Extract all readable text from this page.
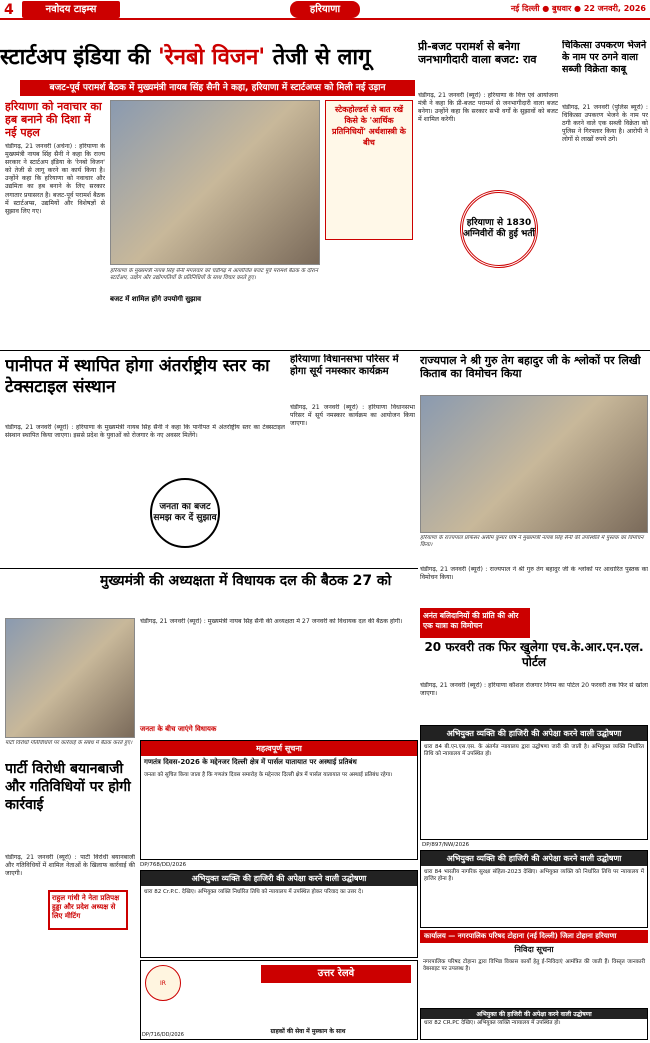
4	नवोदय टाइम्स	हरियाणा	नई दिल्ली ● बुधवार ● 22 जनवरी, 2026
स्टार्टअप इंडिया की 'रेनबो विजन' तेजी से लागू
बजट-पूर्व परामर्श बैठक में मुख्यमंत्री नायब सिंह सैनी ने कहा, हरियाणा में स्टार्टअप्स को मिली नई उड़ान
हरियाणा को नवाचार का हब बनाने की दिशा में नई पहल
चंडीगढ़, 21 जनवरी (अर्चना) : हरियाणा के मुख्यमंत्री नायब सिंह सैनी ने कहा कि राज्य सरकार ने स्टार्टअप इंडिया के 'रेनबो विजन' को तेजी से लागू करने का कार्य किया है। उन्होंने कहा कि हरियाणा को नवाचार और उद्यमिता का हब बनाने के लिए सरकार लगातार प्रयासरत है। बजट-पूर्व परामर्श बैठक में स्टार्टअप्स, उद्यमियों और विशेषज्ञों से सुझाव लिए गए।
हरियाणा के मुख्यमंत्री नायब सिंह सैनी मंगलवार को चंडीगढ़ में आयोजित बजट पूर्व परामर्श बैठक के दौरान स्टार्टअप, उद्योग और उद्योगपतियों के प्रतिनिधियों के साथ विचार करते हुए।
स्टेकहोल्डर्स से बात रखें किसे के 'आर्थिक प्रतिनिधियों' अर्थशास्त्री के बीच
बजट में शामिल होंगे उपयोगी सुझाव
प्री-बजट परामर्श से बनेगा जनभागीदारी वाला बजट: राव
चंडीगढ़, 21 जनवरी (ब्यूरो) : हरियाणा के वित्त एवं आयोजना मंत्री ने कहा कि प्री-बजट परामर्श से जनभागीदारी वाला बजट बनेगा। उन्होंने कहा कि सरकार सभी वर्गों के सुझावों को बजट में शामिल करेगी।
हरियाणा से 1830 अग्निवीरों की हुई भर्ती
चिकित्सा उपकरण भेजने के नाम पर ठगने वाला सब्जी विक्रेता काबू
चंडीगढ़, 21 जनवरी (पुलिस ब्यूरो) : चिकित्सा उपकरण भेजने के नाम पर ठगी करने वाले एक सब्जी विक्रेता को पुलिस ने गिरफ्तार किया है। आरोपी ने लोगों से लाखों रुपये ठगे।
पानीपत में स्थापित होगा अंतर्राष्ट्रीय स्तर का टेक्सटाइल संस्थान
चंडीगढ़, 21 जनवरी (ब्यूरो) : हरियाणा के मुख्यमंत्री नायब सिंह सैनी ने कहा कि पानीपत में अंतर्राष्ट्रीय स्तर का टेक्सटाइल संस्थान स्थापित किया जाएगा। इससे प्रदेश के युवाओं को रोजगार के नए अवसर मिलेंगे।
जनता का बजट समझ कर दें सुझाव
हरियाणा विधानसभा परिसर में होगा सूर्य नमस्कार कार्यक्रम
चंडीगढ़, 21 जनवरी (ब्यूरो) : हरियाणा विधानसभा परिसर में सूर्य नमस्कार कार्यक्रम का आयोजन किया जाएगा।
राज्यपाल ने श्री गुरु तेग बहादुर जी के श्लोकों पर लिखी किताब का विमोचन किया
हरियाणा के राज्यपाल प्रोफेसर असीम कुमार घोष ने मुख्यमंत्री नायब सिंह सैनी की उपस्थिति में पुस्तक का विमोचन किया।
चंडीगढ़, 21 जनवरी (ब्यूरो) : राज्यपाल ने श्री गुरु तेग बहादुर जी के श्लोकों पर आधारित पुस्तक का विमोचन किया।
अनंत बलिदानियों की प्रांति की ओर एक यात्रा का विमोचन
20 फरवरी तक फिर खुलेगा एच.के.आर.एन.एल. पोर्टल
चंडीगढ़, 21 जनवरी (ब्यूरो) : हरियाणा कौशल रोजगार निगम का पोर्टल 20 फरवरी तक फिर से खोला जाएगा।
मुख्यमंत्री की अध्यक्षता में विधायक दल की बैठक 27 को
चंडीगढ़, 21 जनवरी (ब्यूरो) : मुख्यमंत्री नायब सिंह सैनी की अध्यक्षता में 27 जनवरी को विधायक दल की बैठक होगी।
जनता के बीच जाएंगे विधायक
पार्टी विरोधी बयानबाजी और गतिविधियों पर होगी कार्रवाई
पार्टी विरोधी गतिविधियों पर कार्रवाई के संबंध में बैठक करते हुए।
चंडीगढ़, 21 जनवरी (ब्यूरो) : पार्टी विरोधी बयानबाजी और गतिविधियों में शामिल नेताओं के खिलाफ कार्रवाई की जाएगी।
राहुल गांधी ने नेता प्रतिपक्ष हुड्डा और प्रदेश अध्यक्ष से लिए मीटिंग
महत्वपूर्ण सूचना
गणतंत्र दिवस-2026 के मद्देनजर दिल्ली क्षेत्र में पार्सल यातायात पर अस्थाई प्रतिबंध
जनता को सूचित किया जाता है कि गणतंत्र दिवस समारोह के मद्देनजर दिल्ली क्षेत्र में पार्सल यातायात पर अस्थाई प्रतिबंध रहेगा।
DP/768/DD/2026
अभियुक्त व्यक्ति की हाजिरी की अपेक्षा करने वाली उद्घोषणा
धारा 82 Cr.P.C. देखिए। अभियुक्त व्यक्ति निर्धारित तिथि को न्यायालय में उपस्थित होकर परिवाद का उत्तर दे।
IR
उत्तर रेलवे
ग्राहकों की सेवा में मुस्कान के साथ
अभियुक्त व्यक्ति की हाजिरी की अपेक्षा करने वाली उद्घोषणा
धारा 84 बी.एन.एस.एस. के अंतर्गत न्यायालय द्वारा उद्घोषणा जारी की जाती है। अभियुक्त व्यक्ति निर्धारित तिथि को न्यायालय में उपस्थित हो।
DP/897/NW/2026
अभियुक्त व्यक्ति की हाजिरी की अपेक्षा करने वाली उद्घोषणा
धारा 84 भारतीय नागरिक सुरक्षा संहिता-2023 देखिए। अभियुक्त व्यक्ति को निर्धारित तिथि पर न्यायालय में हाजिर होना है।
कार्यालय — नगरपालिक परिषद टोहाना (नई दिल्ली) जिला टोहाना हरियाणा
निविदा सूचना
नगरपालिक परिषद टोहाना द्वारा विभिन्न विकास कार्यों हेतु ई-निविदाएं आमंत्रित की जाती हैं। विस्तृत जानकारी वेबसाइट पर उपलब्ध है।
अभियुक्त की हाजिरी की अपेक्षा करने वाली उद्घोषणा
धारा 82 CR.PC देखिए। अभियुक्त व्यक्ति न्यायालय में उपस्थित हो।
DP/716/DD/2026
